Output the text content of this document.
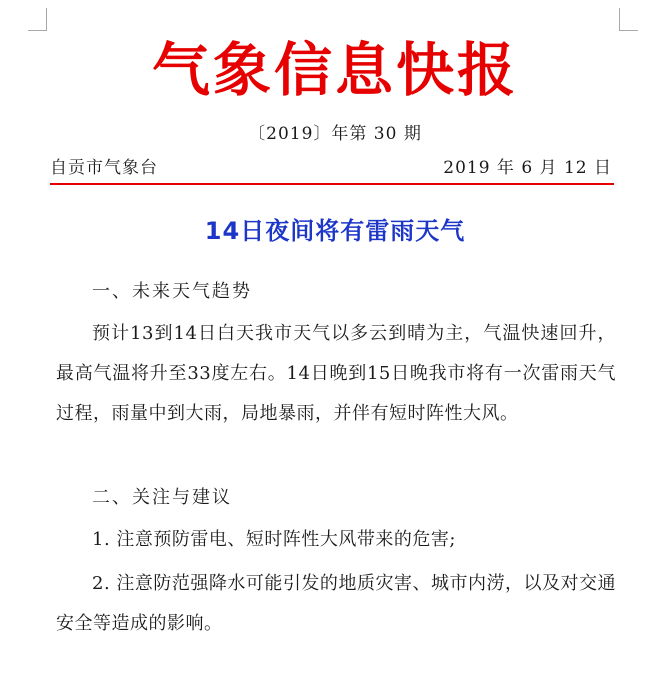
气象信息快报
〔2019〕年第 30 期
自贡市气象台	2019 年 6 月 12 日
14日夜间将有雷雨天气
一、未来天气趋势
预计13到14日白天我市天气以多云到晴为主，气温快速回升，最高气温将升至33度左右。14日晚到15日晚我市将有一次雷雨天气过程，雨量中到大雨，局地暴雨，并伴有短时阵性大风。
二、关注与建议
1. 注意预防雷电、短时阵性大风带来的危害;
2. 注意防范强降水可能引发的地质灾害、城市内涝，以及对交通安全等造成的影响。
